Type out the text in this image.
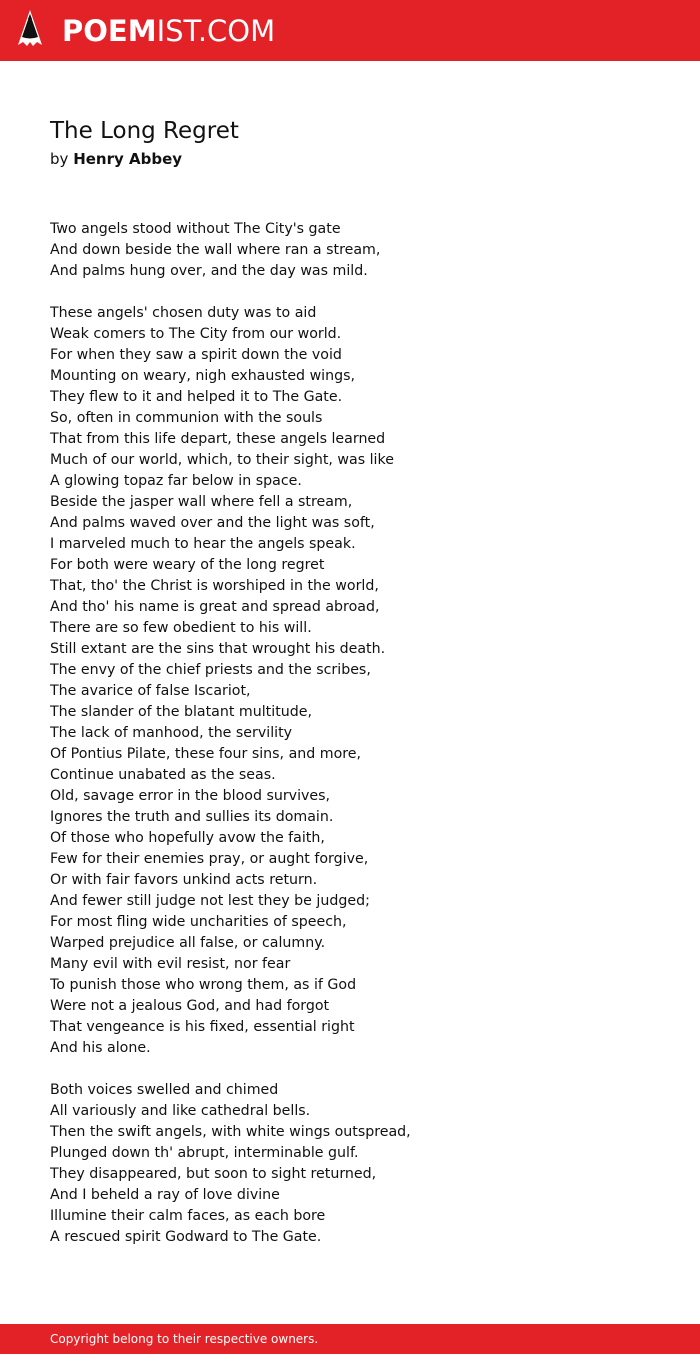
POEMIST.COM
The Long Regret
by Henry Abbey
Two angels stood without The City's gate
And down beside the wall where ran a stream,
And palms hung over, and the day was mild.
These angels' chosen duty was to aid
Weak comers to The City from our world.
For when they saw a spirit down the void
Mounting on weary, nigh exhausted wings,
They flew to it and helped it to The Gate.
So, often in communion with the souls
That from this life depart, these angels learned
Much of our world, which, to their sight, was like
A glowing topaz far below in space.
Beside the jasper wall where fell a stream,
And palms waved over and the light was soft,
I marveled much to hear the angels speak.
For both were weary of the long regret
That, tho' the Christ is worshiped in the world,
And tho' his name is great and spread abroad,
There are so few obedient to his will.
Still extant are the sins that wrought his death.
The envy of the chief priests and the scribes,
The avarice of false Iscariot,
The slander of the blatant multitude,
The lack of manhood, the servility
Of Pontius Pilate, these four sins, and more,
Continue unabated as the seas.
Old, savage error in the blood survives,
Ignores the truth and sullies its domain.
Of those who hopefully avow the faith,
Few for their enemies pray, or aught forgive,
Or with fair favors unkind acts return.
And fewer still judge not lest they be judged;
For most fling wide uncharities of speech,
Warped prejudice all false, or calumny.
Many evil with evil resist, nor fear
To punish those who wrong them, as if God
Were not a jealous God, and had forgot
That vengeance is his fixed, essential right
And his alone.
Both voices swelled and chimed
All variously and like cathedral bells.
Then the swift angels, with white wings outspread,
Plunged down th' abrupt, interminable gulf.
They disappeared, but soon to sight returned,
And I beheld a ray of love divine
Illumine their calm faces, as each bore
A rescued spirit Godward to The Gate.
Copyright belong to their respective owners.
